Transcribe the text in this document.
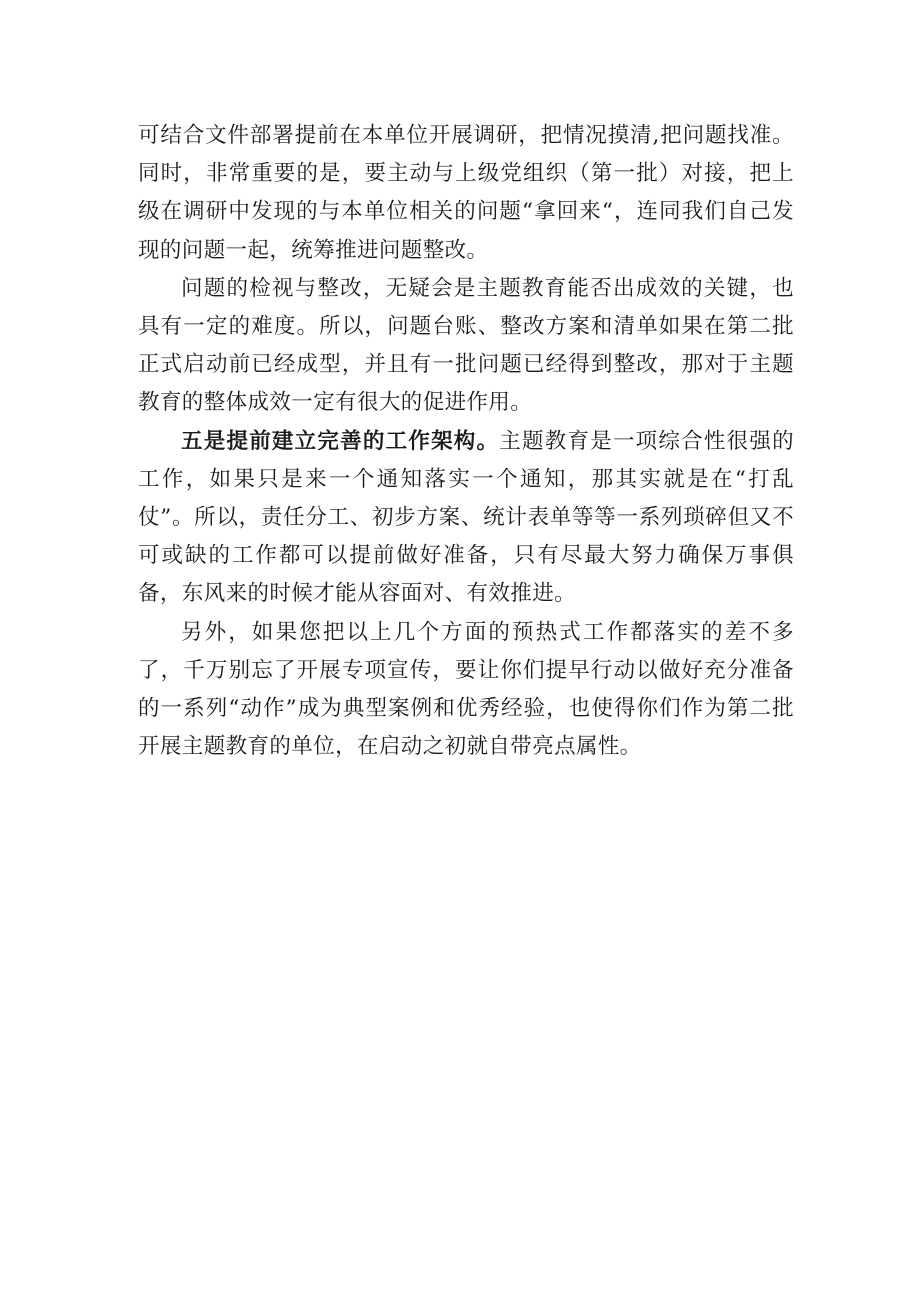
可结合文件部署提前在本单位开展调研，把情况摸清,把问题找准。同时，非常重要的是，要主动与上级党组织（第一批）对接，把上级在调研中发现的与本单位相关的问题“拿回来“，连同我们自己发现的问题一起，统筹推进问题整改。

问题的检视与整改，无疑会是主题教育能否出成效的关键，也具有一定的难度。所以，问题台账、整改方案和清单如果在第二批正式启动前已经成型，并且有一批问题已经得到整改，那对于主题教育的整体成效一定有很大的促进作用。

五是提前建立完善的工作架构。主题教育是一项综合性很强的工作，如果只是来一个通知落实一个通知，那其实就是在“打乱仗”。所以，责任分工、初步方案、统计表单等等一系列琐碎但又不可或缺的工作都可以提前做好准备，只有尽最大努力确保万事俱备，东风来的时候才能从容面对、有效推进。

另外，如果您把以上几个方面的预热式工作都落实的差不多了，千万别忘了开展专项宣传，要让你们提早行动以做好充分准备的一系列“动作”成为典型案例和优秀经验，也使得你们作为第二批开展主题教育的单位，在启动之初就自带亮点属性。
